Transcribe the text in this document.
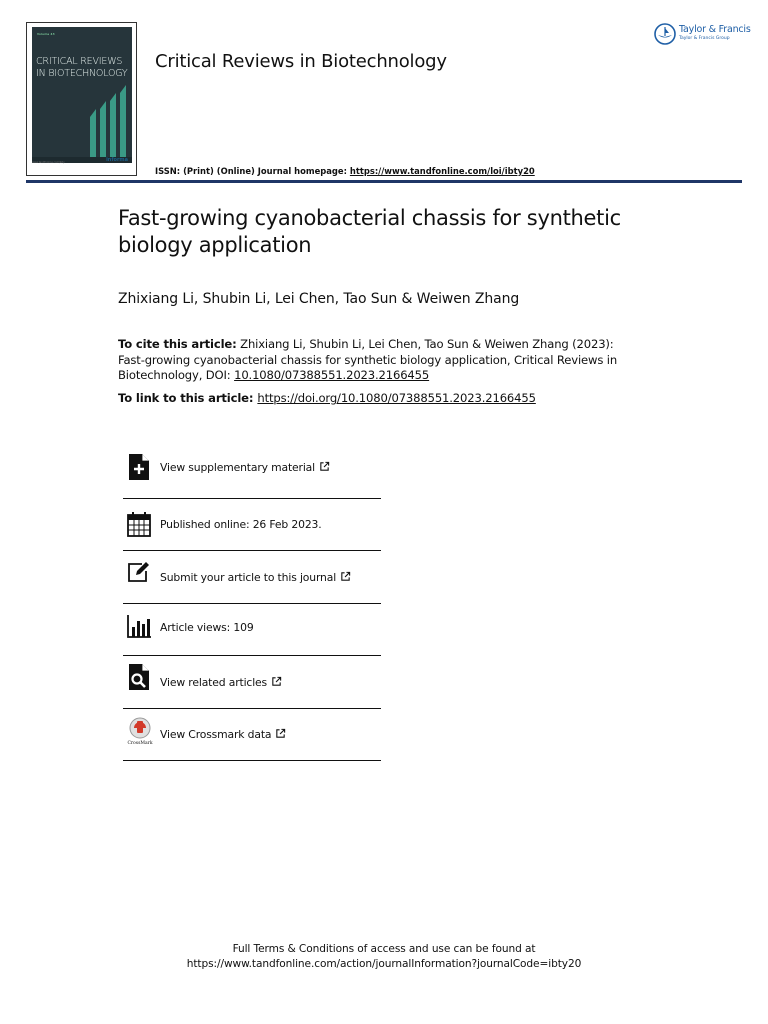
Volume 43
CRITICAL REVIEWS IN BIOTECHNOLOGY
www.tandfonline.com/ibty	informa
Critical Reviews in Biotechnology
ISSN: (Print) (Online) Journal homepage: https://www.tandfonline.com/loi/ibty20
Taylor & Francis
Taylor & Francis Group
Fast-growing cyanobacterial chassis for synthetic biology application
Zhixiang Li, Shubin Li, Lei Chen, Tao Sun & Weiwen Zhang
To cite this article: Zhixiang Li, Shubin Li, Lei Chen, Tao Sun & Weiwen Zhang (2023): Fast-growing cyanobacterial chassis for synthetic biology application, Critical Reviews in Biotechnology, DOI: 10.1080/07388551.2023.2166455
To link to this article: https://doi.org/10.1080/07388551.2023.2166455
View supplementary material
Published online: 26 Feb 2023.
Submit your article to this journal
Article views: 109
View related articles
CrossMark
View Crossmark data
Full Terms & Conditions of access and use can be found at
https://www.tandfonline.com/action/journalInformation?journalCode=ibty20
